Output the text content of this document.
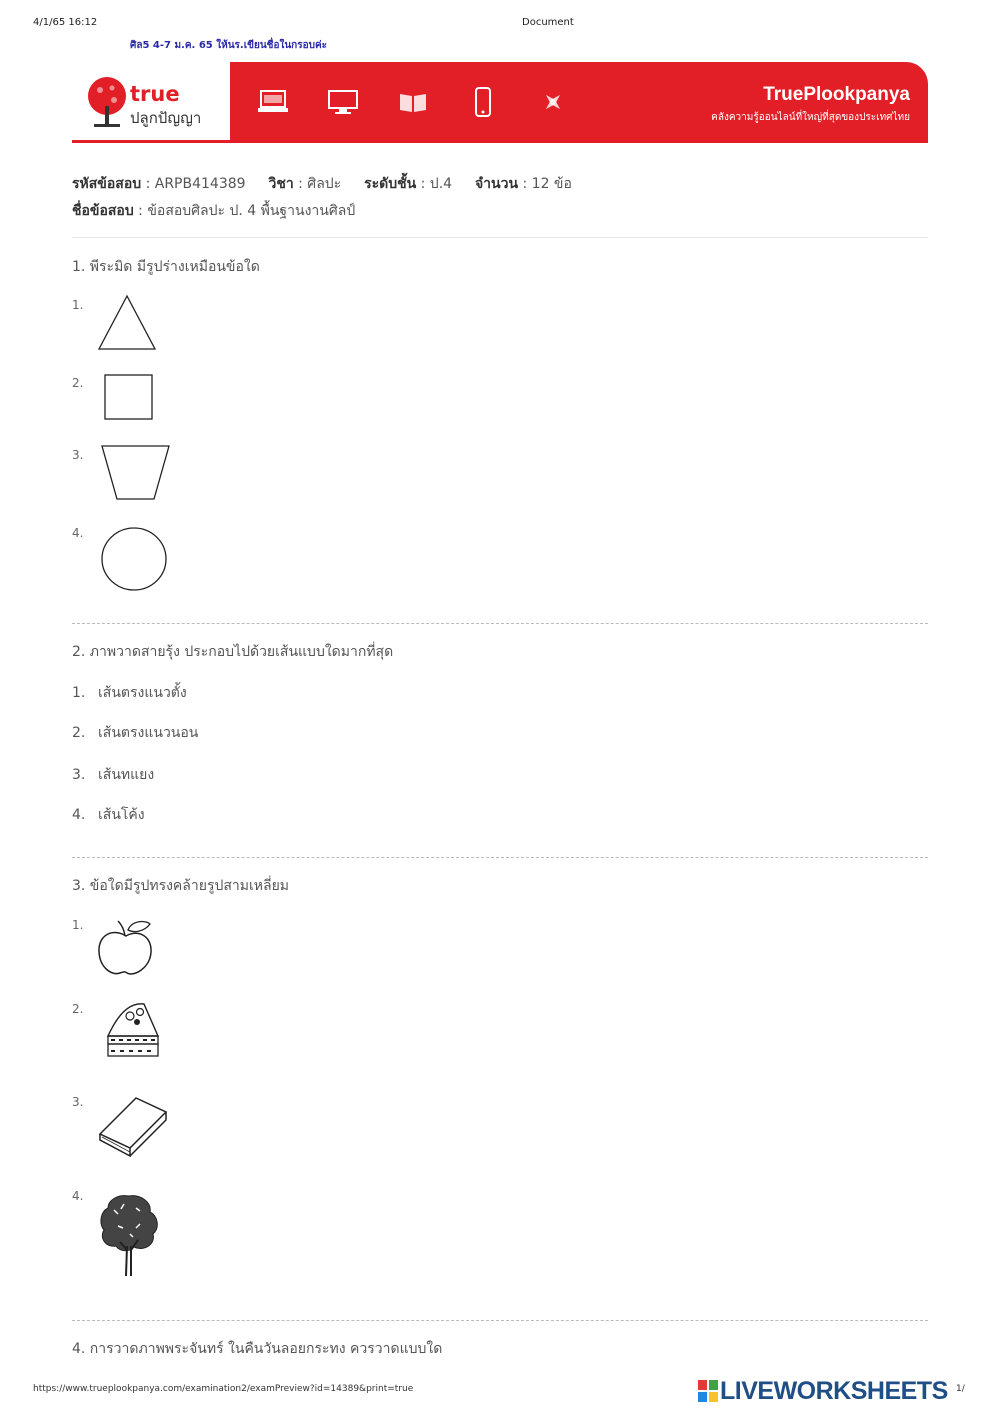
4/1/65 16:12	Document
ศิล5 4-7 ม.ค. 65 ให้นร.เขียนชื่อในกรอบค่ะ
TruePlookpanya
คลังความรู้ออนไลน์ที่ใหญ่ที่สุดของประเทศไทย
true
ปลูกปัญญา
รหัสข้อสอบ : ARPB414389 วิชา : ศิลปะ ระดับชั้น : ป.4 จำนวน : 12 ข้อ
ชื่อข้อสอบ : ข้อสอบศิลปะ ป. 4 พื้นฐานงานศิลป์
1. พีระมิด มีรูปร่างเหมือนข้อใด
1.
2.
3.
4.
2. ภาพวาดสายรุ้ง ประกอบไปด้วยเส้นแบบใดมากที่สุด
1. เส้นตรงแนวตั้ง
2. เส้นตรงแนวนอน
3. เส้นทแยง
4. เส้นโค้ง
3. ข้อใดมีรูปทรงคล้ายรูปสามเหลี่ยม
1.
2.
3.
4.
4. การวาดภาพพระจันทร์ ในคืนวันลอยกระทง ควรวาดแบบใด
https://www.trueplookpanya.com/examination2/examPreview?id=14389&print=true	LIVEWORKSHEETS 1/
